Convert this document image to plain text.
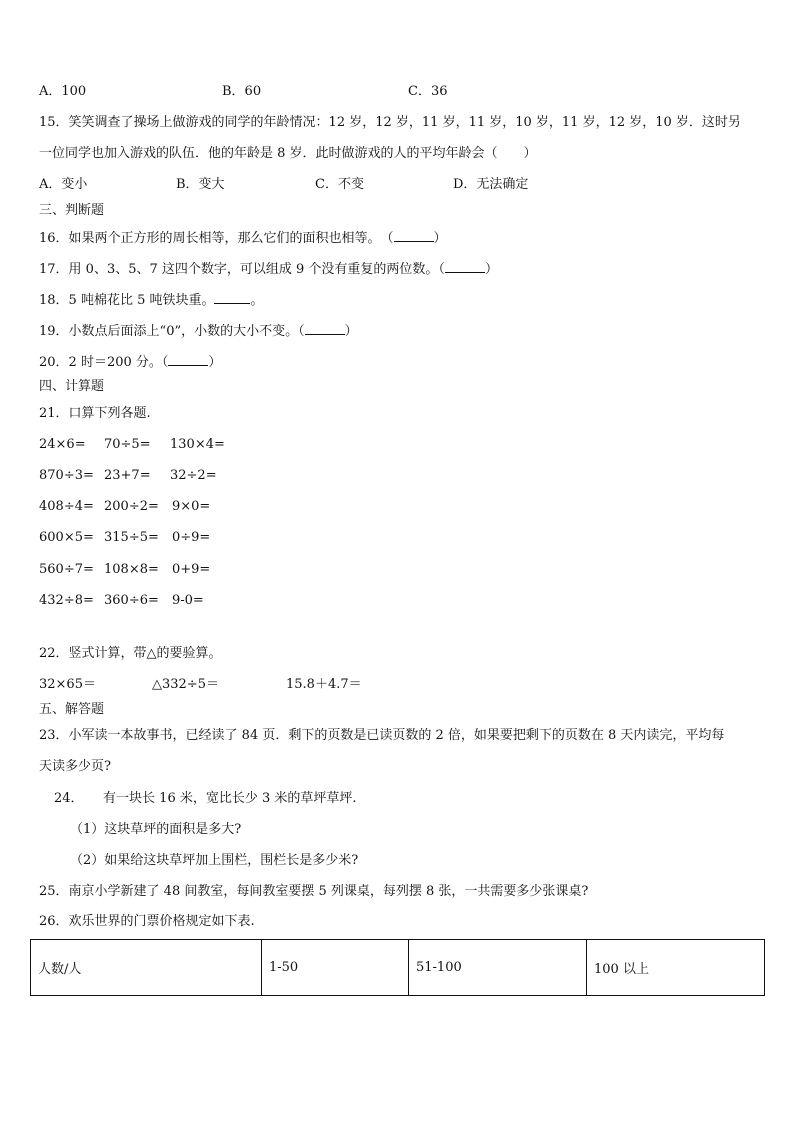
A．100	B．60	C．36
15．笑笑调查了操场上做游戏的同学的年龄情况：12 岁，12 岁，11 岁，11 岁，10 岁，11 岁，12 岁，10 岁．这时另
一位同学也加入游戏的队伍．他的年龄是 8 岁．此时做游戏的人的平均年龄会（　　）
A．变小	B．变大	C．不变	D．无法确定
三、判断题
16．如果两个正方形的周长相等，那么它们的面积也相等。　（	）
17．用 0、3、5、7 这四个数字，可以组成 9 个没有重复的两位数。（	）
18．5 吨棉花比 5 吨铁块重。	。
19．小数点后面添上“0”，小数的大小不变。（	）
20．2 时＝200 分。（	）
四、计算题
21．口算下列各题.
24×6= 70÷5= 130×4=
870÷3= 23+7= 32÷2=
408÷4= 200÷2= 9×0=
600×5= 315÷5= 0÷9=
560÷7= 108×8= 0+9=
432÷8= 360÷6= 9-0=
22．竖式计算，带△的要验算。
32×65＝	△332÷5＝	15.8＋4.7＝
五、解答题
23．小军读一本故事书，已经读了 84 页．剩下的页数是已读页数的 2 倍，如果要把剩下的页数在 8 天内读完，平均每
天读多少页?
24．　　有一块长 16 米，宽比长少 3 米的草坪草坪.
（1）这块草坪的面积是多大?
（2）如果给这块草坪加上围栏，围栏长是多少米?
25．南京小学新建了 48 间教室，每间教室要摆 5 列课桌，每列摆 8 张，一共需要多少张课桌?
26．欢乐世界的门票价格规定如下表.
人数/人	1-50	51-100	100 以上
